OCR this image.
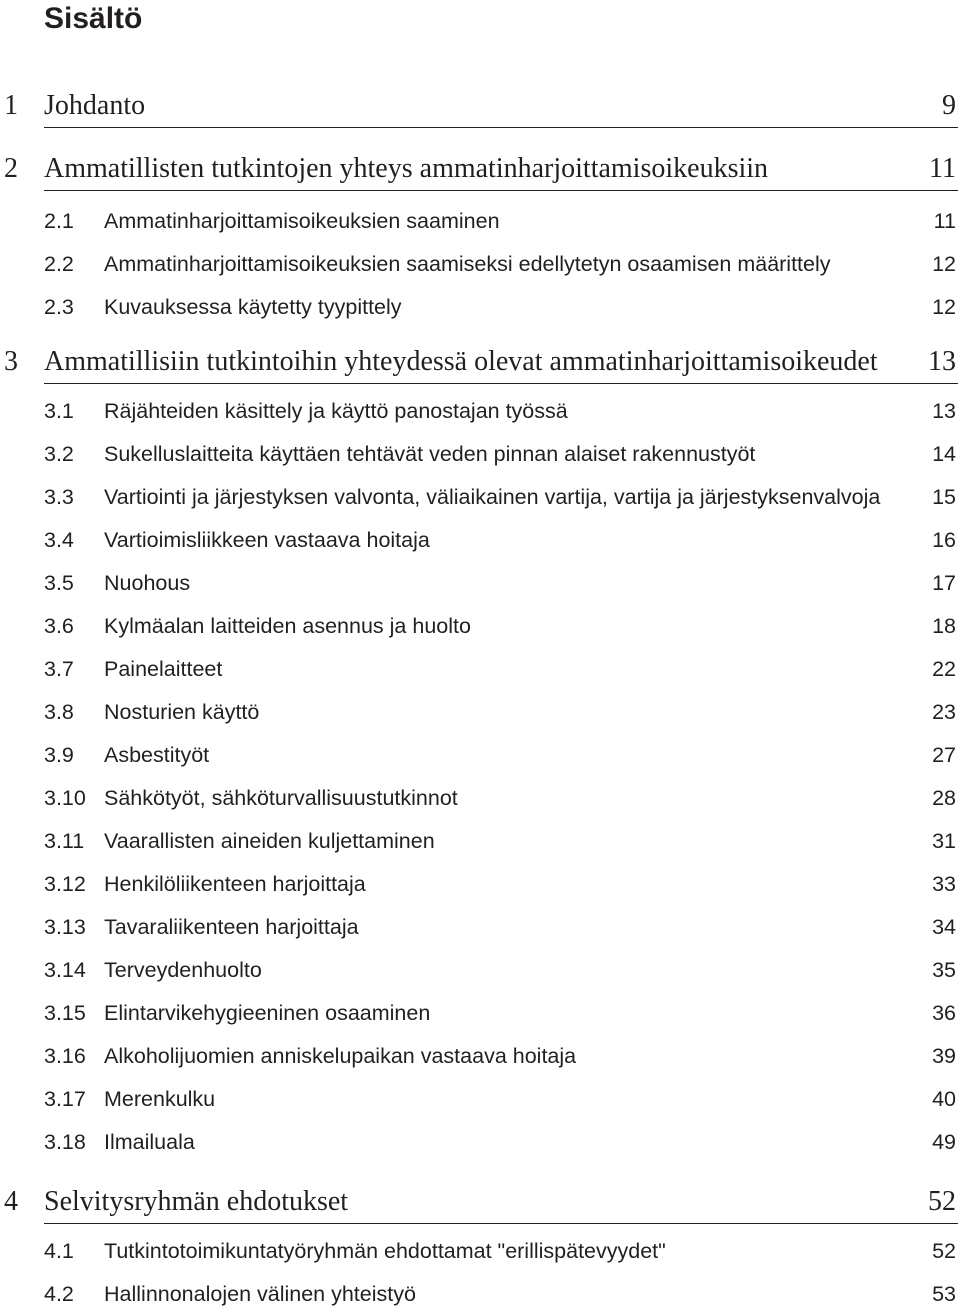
Sisältö
1 Johdanto	9
2 Ammatillisten tutkintojen yhteys ammatinharjoittamisoikeuksiin	11
2.1 Ammatinharjoittamisoikeuksien saaminen	11
2.2 Ammatinharjoittamisoikeuksien saamiseksi edellytetyn osaamisen määrittely	12
2.3 Kuvauksessa käytetty tyypittely	12
3 Ammatillisiin tutkintoihin yhteydessä olevat ammatinharjoittamisoikeudet 13
3.1 Räjähteiden käsittely ja käyttö panostajan työssä	13
3.2 Sukelluslaitteita käyttäen tehtävät veden pinnan alaiset rakennustyöt	14
3.3 Vartiointi ja järjestyksen valvonta, väliaikainen vartija, vartija ja järjestyksenvalvoja 15
3.4 Vartioimisliikkeen vastaava hoitaja	16
3.5 Nuohous	17
3.6 Kylmäalan laitteiden asennus ja huolto	18
3.7 Painelaitteet	22
3.8 Nosturien käyttö	23
3.9 Asbestityöt	27
3.10 Sähkötyöt, sähköturvallisuustutkinnot	28
3.11 Vaarallisten aineiden kuljettaminen	31
3.12 Henkilöliikenteen harjoittaja	33
3.13 Tavaraliikenteen harjoittaja	34
3.14 Terveydenhuolto	35
3.15 Elintarvikehygieeninen osaaminen	36
3.16 Alkoholijuomien anniskelupaikan vastaava hoitaja	39
3.17 Merenkulku	40
3.18 Ilmailuala	49
4 Selvitysryhmän ehdotukset	52
4.1 Tutkintotoimikuntatyöryhmän ehdottamat "erillispätevyydet"	52
4.2 Hallinnonalojen välinen yhteistyö	53
